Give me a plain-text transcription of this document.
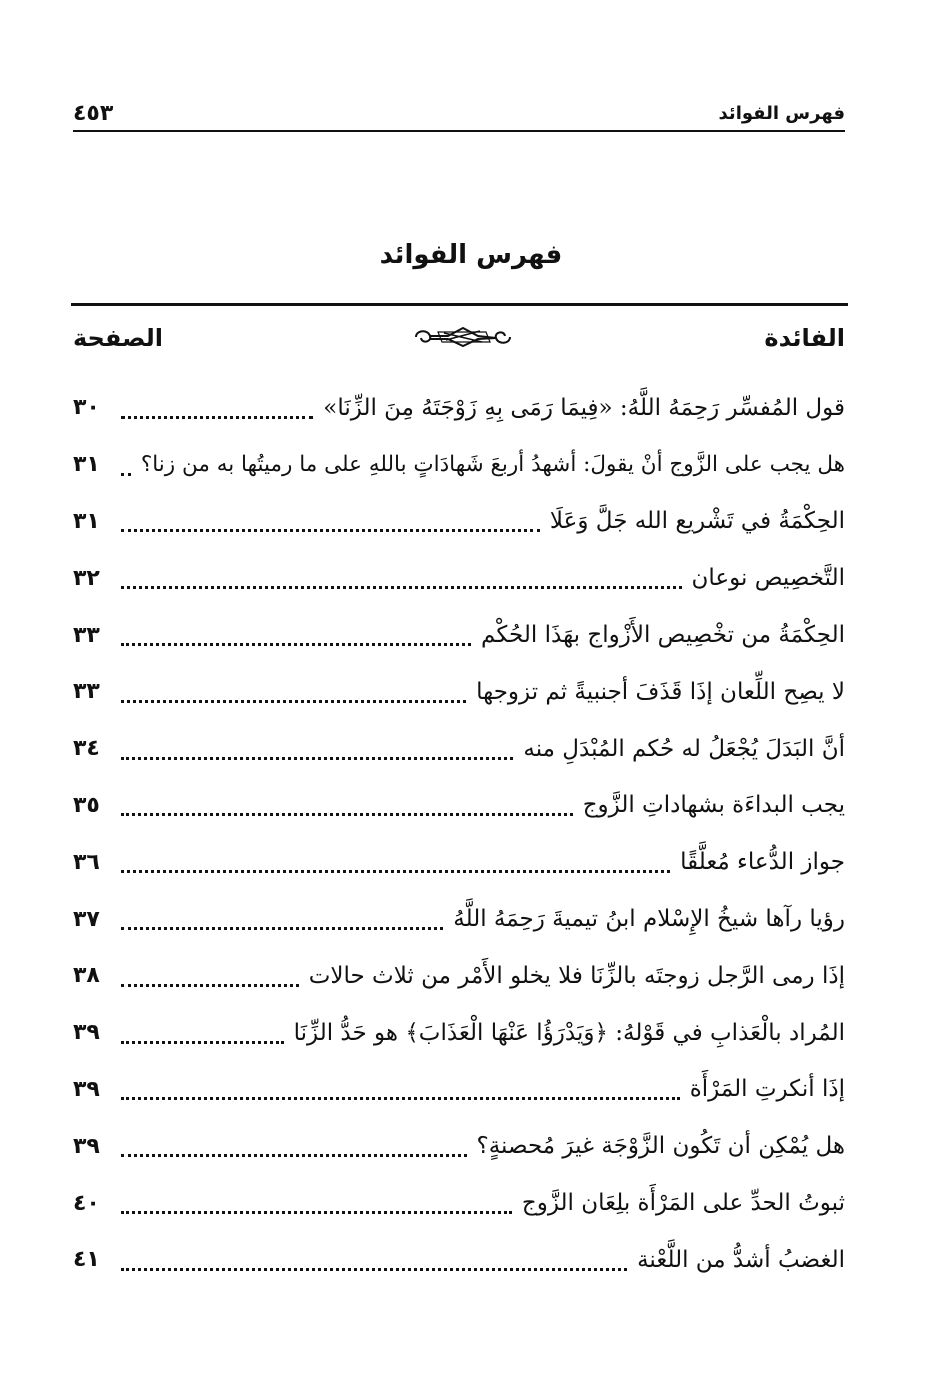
فهرس الفوائد
٤٥٣
فهرس الفوائد
الفائدة
الصفحة
قول المُفسِّر رَحِمَهُ اللَّهُ: «فِيمَا رَمَى بِهِ زَوْجَتَهُ مِنَ الزِّنَا»
٣٠
هل يجب على الزَّوج أنْ يقولَ: أشهدُ أربعَ شَهادَاتٍ باللهِ على ما رميتُها به من زنا؟
٣١
الحِكْمَةُ في تَشْريع الله جَلَّ وَعَلَا
٣١
التَّخصِيص نوعان
٣٢
الحِكْمَةُ من تخْصِيص الأَزْواج بهَذَا الحُكْم
٣٣
لا يصِح اللِّعان إذَا قَذَفَ أجنبيةً ثم تزوجها
٣٣
أنَّ البَدَلَ يُجْعَلُ له حُكم المُبْدَلِ منه
٣٤
يجب البداءَة بشهاداتِ الزَّوج
٣٥
جواز الدُّعاء مُعلَّقًا
٣٦
رؤيا رآها شيخُ الإِسْلام ابنُ تيميةَ رَحِمَهُ اللَّهُ
٣٧
إذَا رمى الرَّجل زوجتَه بالزِّنَا فلا يخلو الأَمْر من ثلاث حالات
٣٨
المُراد بالْعَذابِ في قَوْلهُ: ﴿وَيَدْرَؤُا عَنْهَا الْعَذَابَ﴾ هو حَدُّ الزِّنَا
٣٩
إذَا أنكرتِ المَرْأَة
٣٩
هل يُمْكِن أن تَكُون الزَّوْجَة غيرَ مُحصنةٍ؟
٣٩
ثبوتُ الحدِّ على المَرْأَة بلِعَان الزَّوج
٤٠
الغضبُ أشدُّ من اللَّعْنة
٤١
